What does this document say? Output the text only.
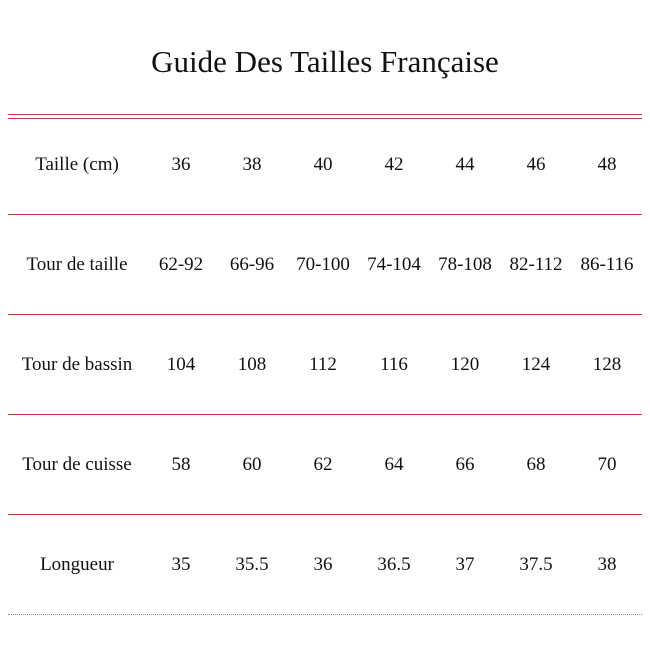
Guide Des Tailles Française
Taille (cm)	36	38	40	42	44	46	48
Tour de taille 62-92 66-96 70-100 74-104 78-108 82-112 86-116
Tour de bassin 104 108 112 116 120 124 128
Tour de cuisse 58	60	62	64	66	68	70
Longueur	35 35.5 36 36.5 37 37.5 38
